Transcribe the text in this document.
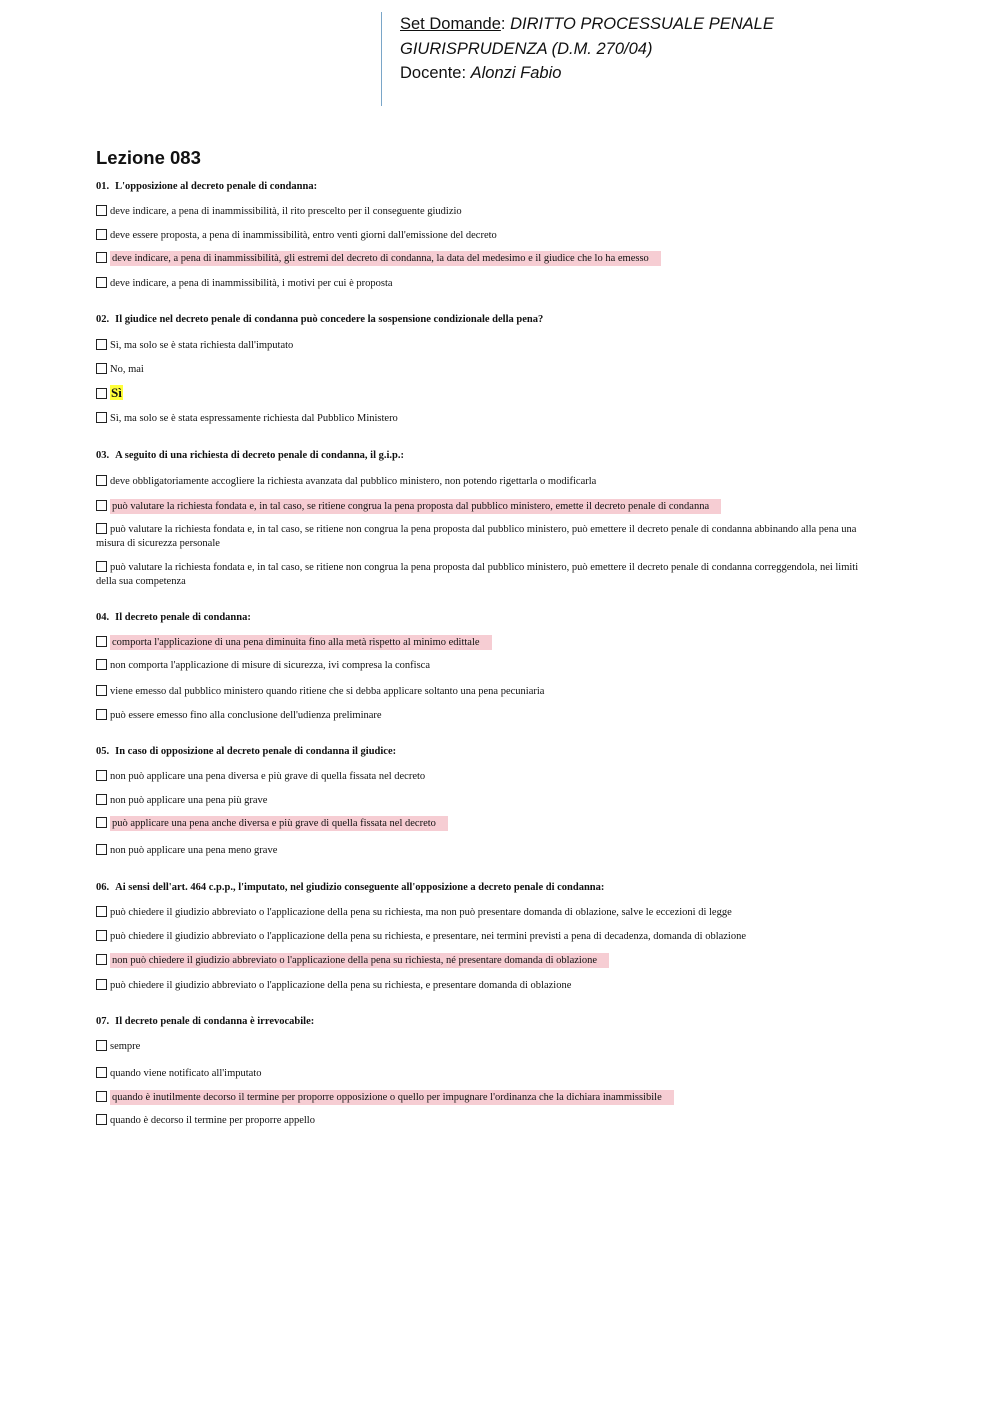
Set Domande: DIRITTO PROCESSUALE PENALE
GIURISPRUDENZA (D.M. 270/04)
Docente: Alonzi Fabio
Lezione 083
01. L'opposizione al decreto penale di condanna:
deve indicare, a pena di inammissibilità, il rito prescelto per il conseguente giudizio
deve essere proposta, a pena di inammissibilità, entro venti giorni dall'emissione del decreto
deve indicare, a pena di inammissibilità, gli estremi del decreto di condanna, la data del medesimo e il giudice che lo ha emesso
deve indicare, a pena di inammissibilità, i motivi per cui è proposta
02. Il giudice nel decreto penale di condanna può concedere la sospensione condizionale della pena?
Sì, ma solo se è stata richiesta dall'imputato
No, mai
Sì
Sì, ma solo se è stata espressamente richiesta dal Pubblico Ministero
03. A seguito di una richiesta di decreto penale di condanna, il g.i.p.:
deve obbligatoriamente accogliere la richiesta avanzata dal pubblico ministero, non potendo rigettarla o modificarla
può valutare la richiesta fondata e, in tal caso, se ritiene congrua la pena proposta dal pubblico ministero, emette il decreto penale di condanna
può valutare la richiesta fondata e, in tal caso, se ritiene non congrua la pena proposta dal pubblico ministero, può emettere il decreto penale di condanna abbinando alla pena una misura di sicurezza personale
può valutare la richiesta fondata e, in tal caso, se ritiene non congrua la pena proposta dal pubblico ministero, può emettere il decreto penale di condanna correggendola, nei limiti della sua competenza
04. Il decreto penale di condanna:
comporta l'applicazione di una pena diminuita fino alla metà rispetto al minimo edittale
non comporta l'applicazione di misure di sicurezza, ivi compresa la confisca
viene emesso dal pubblico ministero quando ritiene che si debba applicare soltanto una pena pecuniaria
può essere emesso fino alla conclusione dell'udienza preliminare
05. In caso di opposizione al decreto penale di condanna il giudice:
non può applicare una pena diversa e più grave di quella fissata nel decreto
non può applicare una pena più grave
può applicare una pena anche diversa e più grave di quella fissata nel decreto
non può applicare una pena meno grave
06. Ai sensi dell'art. 464 c.p.p., l'imputato, nel giudizio conseguente all'opposizione a decreto penale di condanna:
può chiedere il giudizio abbreviato o l'applicazione della pena su richiesta, ma non può presentare domanda di oblazione, salve le eccezioni di legge
può chiedere il giudizio abbreviato o l'applicazione della pena su richiesta, e presentare, nei termini previsti a pena di decadenza, domanda di oblazione
non può chiedere il giudizio abbreviato o l'applicazione della pena su richiesta, né presentare domanda di oblazione
può chiedere il giudizio abbreviato o l'applicazione della pena su richiesta, e presentare domanda di oblazione
07. Il decreto penale di condanna è irrevocabile:
sempre
quando viene notificato all'imputato
quando è inutilmente decorso il termine per proporre opposizione o quello per impugnare l'ordinanza che la dichiara inammissibile
quando è decorso il termine per proporre appello
